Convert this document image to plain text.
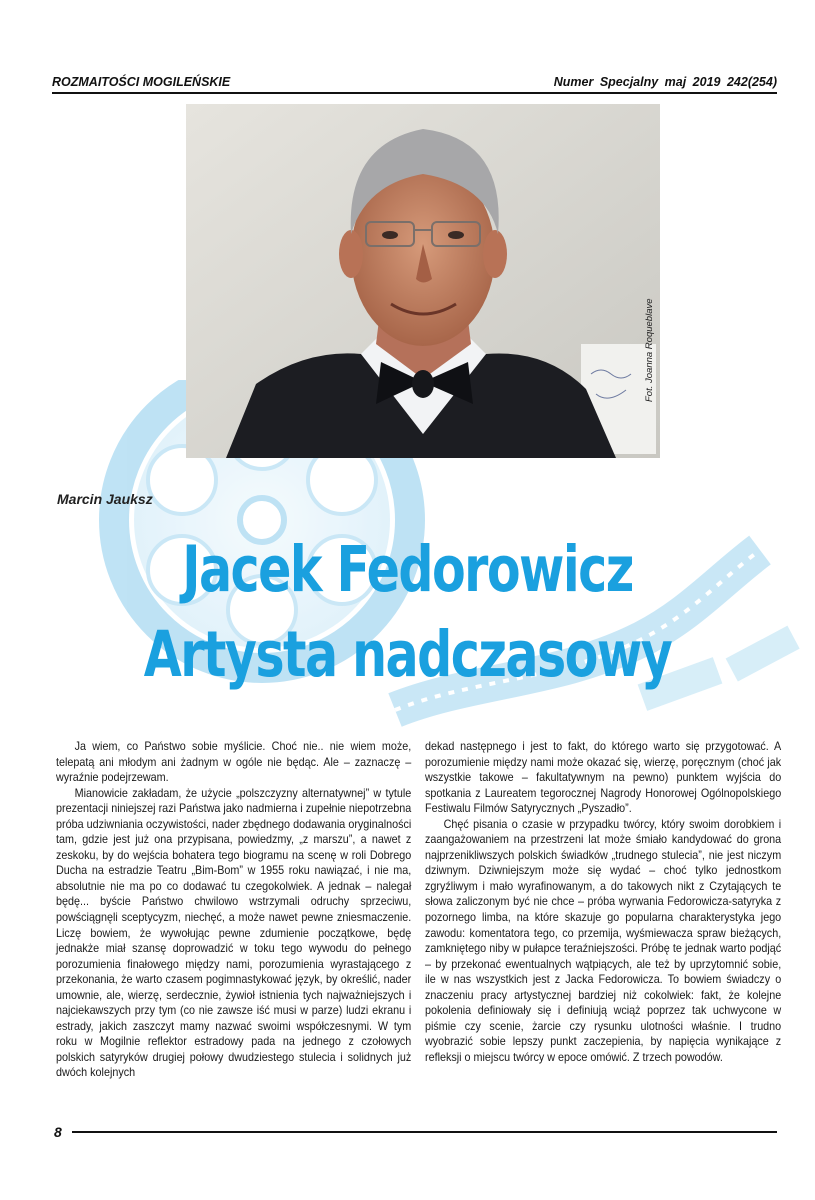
ROZMAITOŚCI MOGILEŃSKIE	Numer Specjalny maj 2019 242(254)
Fot. Joanna Roqueblave
Marcin Jauksz
Jacek Fedorowicz
Artysta nadczasowy

Ja wiem, co Państwo sobie myślicie. Choć nie.. nie wiem może, telepatą ani młodym ani żadnym w ogóle nie będąc. Ale – zaznaczę – wyraźnie podejrzewam.

Mianowicie zakładam, że użycie „polszczyzny alternatywnej” w tytule prezentacji niniejszej razi Państwa jako nadmierna i zupełnie niepotrzebna próba udziwniania oczywistości, nader zbędnego dodawania oryginalności tam, gdzie jest już ona przypisana, powiedzmy, „z marszu”, a nawet z zeskoku, by do wejścia bohatera tego biogramu na scenę w roli Dobrego Ducha na estradzie Teatru „Bim-Bom” w 1955 roku nawiązać, i nie ma, absolutnie nie ma po co dodawać tu czegokolwiek. A jednak – nalegał będę... byście Państwo chwilowo wstrzymali odruchy sprzeciwu, powściągnęli sceptycyzm, niechęć, a może nawet pewne zniesmaczenie. Liczę bowiem, że wywołując pewne zdumienie początkowe, będę jednakże miał szansę doprowadzić w toku tego wywodu do pełnego porozumienia finałowego między nami, porozumienia wyrastającego z przekonania, że warto czasem pogimnastykować język, by określić, nader umownie, ale, wierzę, serdecznie, żywioł istnienia tych najważniejszych i najciekawszych przy tym (co nie zawsze iść musi w parze) ludzi ekranu i estrady, jakich zaszczyt mamy nazwać swoimi współczesnymi. W tym roku w Mogilnie reflektor estradowy pada na jednego z czołowych polskich satyryków drugiej połowy dwudziestego stulecia i solidnych już dwóch kolejnych

dekad następnego i jest to fakt, do którego warto się przygotować. A porozumienie między nami może okazać się, wierzę, poręcznym (choć jak wszystkie takowe – fakultatywnym na pewno) punktem wyjścia do spotkania z Laureatem tegorocznej Nagrody Honorowej Ogólnopolskiego Festiwalu Filmów Satyrycznych „Pyszadło”.

Chęć pisania o czasie w przypadku twórcy, który swoim dorobkiem i zaangażowaniem na przestrzeni lat może śmiało kandydować do grona najprzenikliwszych polskich świadków „trudnego stulecia”, nie jest niczym dziwnym. Dziwniejszym może się wydać – choć tylko jednostkom zgryźliwym i mało wyrafinowanym, a do takowych nikt z Czytających te słowa zaliczonym być nie chce – próba wyrwania Fedorowicza-satyryka z pozornego limba, na które skazuje go popularna charakterystyka jego zawodu: komentatora tego, co przemija, wyśmiewacza spraw bieżących, zamkniętego niby w pułapce teraźniejszości. Próbę te jednak warto podjąć – by przekonać ewentualnych wątpiących, ale też by uprzytomnić sobie, ile w nas wszystkich jest z Jacka Fedorowicza. To bowiem świadczy o znaczeniu pracy artystycznej bardziej niż cokolwiek: fakt, że kolejne pokolenia definiowały się i definiują wciąż poprzez tak uchwycone w piśmie czy scenie, żarcie czy rysunku ulotności właśnie. I trudno wyobrazić sobie lepszy punkt zaczepienia, by napięcia wynikające z refleksji o miejscu twórcy w epoce omówić. Z trzech powodów.

8
